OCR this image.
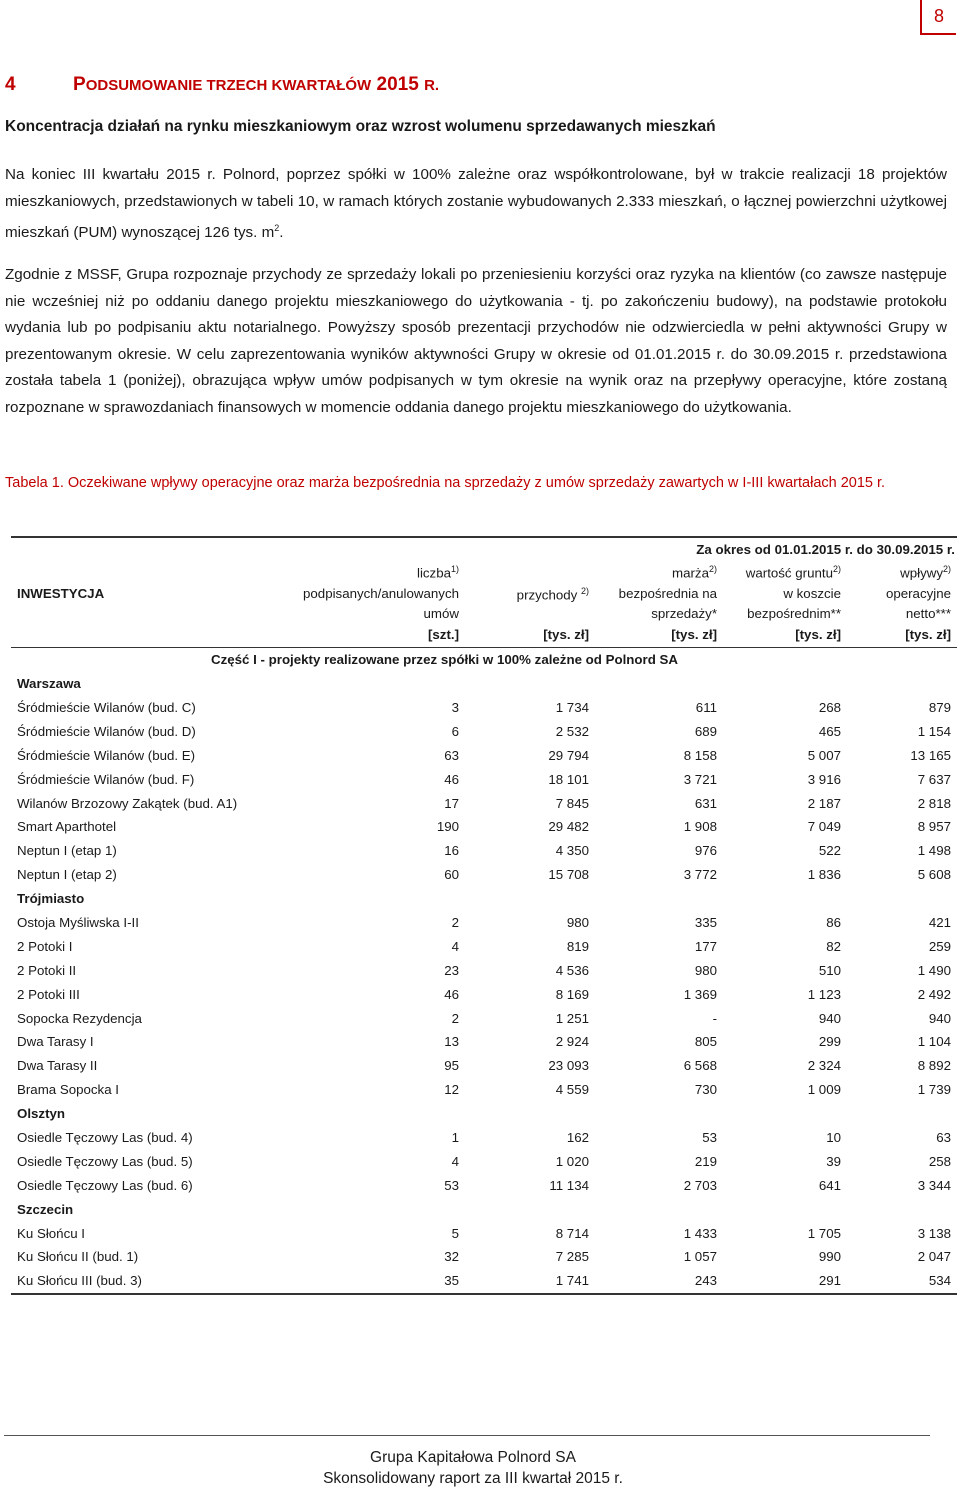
8
4	PODSUMOWANIE TRZECH KWARTAŁÓW 2015 R.
Koncentracja działań na rynku mieszkaniowym oraz wzrost wolumenu sprzedawanych mieszkań
Na koniec III kwartału 2015 r. Polnord, poprzez spółki w 100% zależne oraz współkontrolowane, był w trakcie realizacji 18 projektów mieszkaniowych, przedstawionych w tabeli 10, w ramach których zostanie wybudowanych 2.333 mieszkań, o łącznej powierzchni użytkowej mieszkań (PUM) wynoszącej 126 tys. $m^2$.
Zgodnie z MSSF, Grupa rozpoznaje przychody ze sprzedaży lokali po przeniesieniu korzyści oraz ryzyka na klientów (co zawsze następuje nie wcześniej niż po oddaniu danego projektu mieszkaniowego do użytkowania - tj. po zakończeniu budowy), na podstawie protokołu wydania lub po podpisaniu aktu notarialnego. Powyższy sposób prezentacji przychodów nie odzwierciedla w pełni aktywności Grupy w prezentowanym okresie. W celu zaprezentowania wyników aktywności Grupy w okresie od 01.01.2015 r. do 30.09.2015 r. przedstawiona została tabela 1 (poniżej), obrazująca wpływ umów podpisanych w tym okresie na wynik oraz na przepływy operacyjne, które zostaną rozpoznane w sprawozdaniach finansowych w momencie oddania danego projektu mieszkaniowego do użytkowania.
Tabela 1. Oczekiwane wpływy operacyjne oraz marża bezpośrednia na sprzedaży z umów sprzedaży zawartych w I-III kwartałach 2015 r.
	Za okres od 01.01.2015 r. do 30.09.2015 r.				
	liczba$^{1)}$		marża$^{2)}$	wartość gruntu$^{2)}$	wpływy$^{2)}$
INWESTYCJA	podpisanych/anulowanych	przychody $^{2)}$	bezpośrednia na	w koszcie	operacyjne
	umów		sprzedaży*	bezpośrednim**	netto***
	[szt.]	[tys. zł]	[tys. zł]	[tys. zł]	[tys. zł]
Część I - projekty realizowane przez spółki w 100% zależne od Polnord SA					
Warszawa					
Śródmieście Wilanów (bud. C)	3	1 734	611	268	879
Śródmieście Wilanów (bud. D)	6	2 532	689	465	1 154
Śródmieście Wilanów (bud. E)	63	29 794	8 158	5 007	13 165
Śródmieście Wilanów (bud. F)	46	18 101	3 721	3 916	7 637
Wilanów Brzozowy Zakątek (bud. A1)	17	7 845	631	2 187	2 818
Smart Aparthotel	190	29 482	1 908	7 049	8 957
Neptun I (etap 1)	16	4 350	976	522	1 498
Neptun I (etap 2)	60	15 708	3 772	1 836	5 608
Trójmiasto					
Ostoja Myśliwska I-II	2	980	335	86	421
2 Potoki I	4	819	177	82	259
2 Potoki II	23	4 536	980	510	1 490
2 Potoki III	46	8 169	1 369	1 123	2 492
Sopocka Rezydencja	2	1 251	-	940	940
Dwa Tarasy I	13	2 924	805	299	1 104
Dwa Tarasy II	95	23 093	6 568	2 324	8 892
Brama Sopocka I	12	4 559	730	1 009	1 739
Olsztyn					
Osiedle Tęczowy Las (bud. 4)	1	162	53	10	63
Osiedle Tęczowy Las (bud. 5)	4	1 020	219	39	258
Osiedle Tęczowy Las (bud. 6)	53	11 134	2 703	641	3 344
Szczecin					
Ku Słońcu I	5	8 714	1 433	1 705	3 138
Ku Słońcu II (bud. 1)	32	7 285	1 057	990	2 047
Ku Słońcu III (bud. 3)	35	1 741	243	291	534
Grupa Kapitałowa Polnord SA
Skonsolidowany raport za III kwartał 2015 r.
